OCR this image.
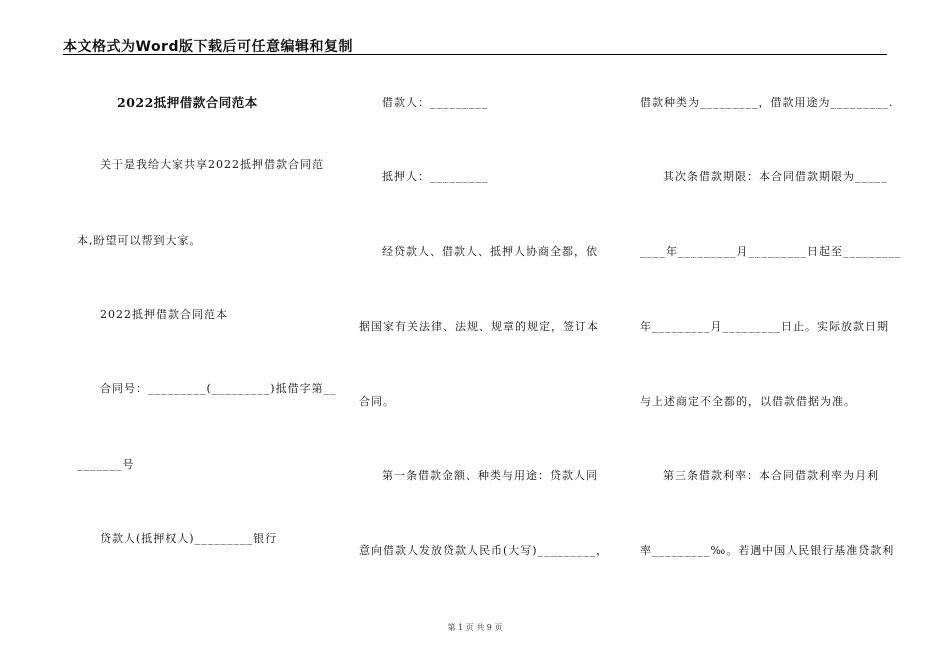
本文格式为Word版下载后可任意编辑和复制
2022抵押借款合同范本
关于是我给大家共享2022抵押借款合同范
本,盼望可以帮到大家。
2022抵押借款合同范本
合同号：_________(_________)抵借字第__
_______号
贷款人(抵押权人)_________银行
借款人：_________
抵押人：_________
经贷款人、借款人、抵押人协商全都，依
据国家有关法律、法规、规章的规定，签订本
合同。
第一条借款金额、种类与用途：贷款人同
意向借款人发放贷款人民币(大写)_________，
借款种类为_________，借款用途为_________.
其次条借款期限：本合同借款期限为_____
____年_________月_________日起至_________
年_________月_________日止。实际放款日期
与上述商定不全都的，以借款借据为准。
第三条借款利率：本合同借款利率为月利
率_________‰。若遇中国人民银行基准贷款利
第 1 页 共 9 页
